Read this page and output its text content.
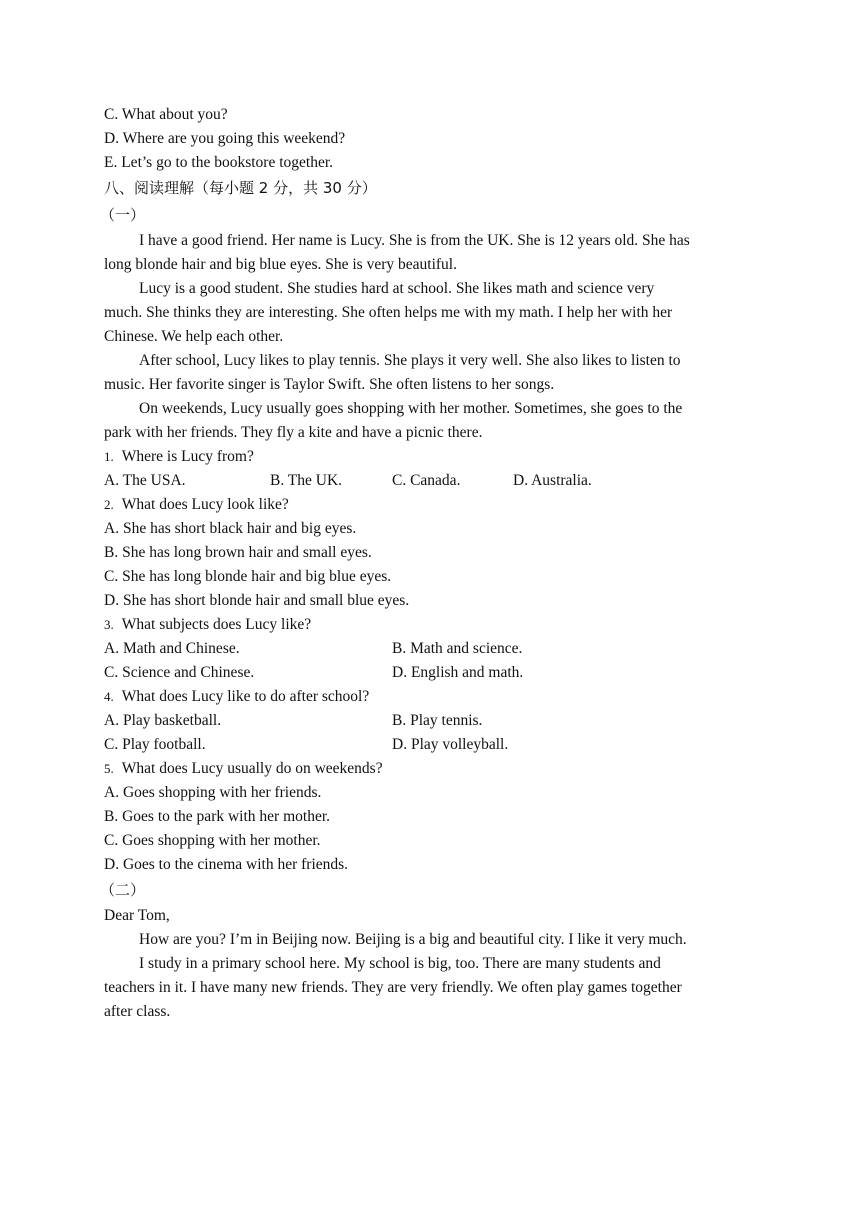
C. What about you?
D. Where are you going this weekend?
E. Let’s go to the bookstore together.
八、阅读理解（每小题 2 分，共 30 分）
（一）
I have a good friend. Her name is Lucy. She is from the UK. She is 12 years old. She has
long blonde hair and big blue eyes. She is very beautiful.
Lucy is a good student. She studies hard at school. She likes math and science very
much. She thinks they are interesting. She often helps me with my math. I help her with her
Chinese. We help each other.
After school, Lucy likes to play tennis. She plays it very well. She also likes to listen to
music. Her favorite singer is Taylor Swift. She often listens to her songs.
On weekends, Lucy usually goes shopping with her mother. Sometimes, she goes to the
park with her friends. They fly a kite and have a picnic there.
1. Where is Lucy from?
A. The USA.	B. The UK.	C. Canada.	D. Australia.
2. What does Lucy look like?
A. She has short black hair and big eyes.
B. She has long brown hair and small eyes.
C. She has long blonde hair and big blue eyes.
D. She has short blonde hair and small blue eyes.
3. What subjects does Lucy like?
A. Math and Chinese.	B. Math and science.
C. Science and Chinese.	D. English and math.
4. What does Lucy like to do after school?
A. Play basketball.	B. Play tennis.
C. Play football.	D. Play volleyball.
5. What does Lucy usually do on weekends?
A. Goes shopping with her friends.
B. Goes to the park with her mother.
C. Goes shopping with her mother.
D. Goes to the cinema with her friends.
（二）
Dear Tom,
How are you? I’m in Beijing now. Beijing is a big and beautiful city. I like it very much.
I study in a primary school here. My school is big, too. There are many students and
teachers in it. I have many new friends. They are very friendly. We often play games together
after class.
